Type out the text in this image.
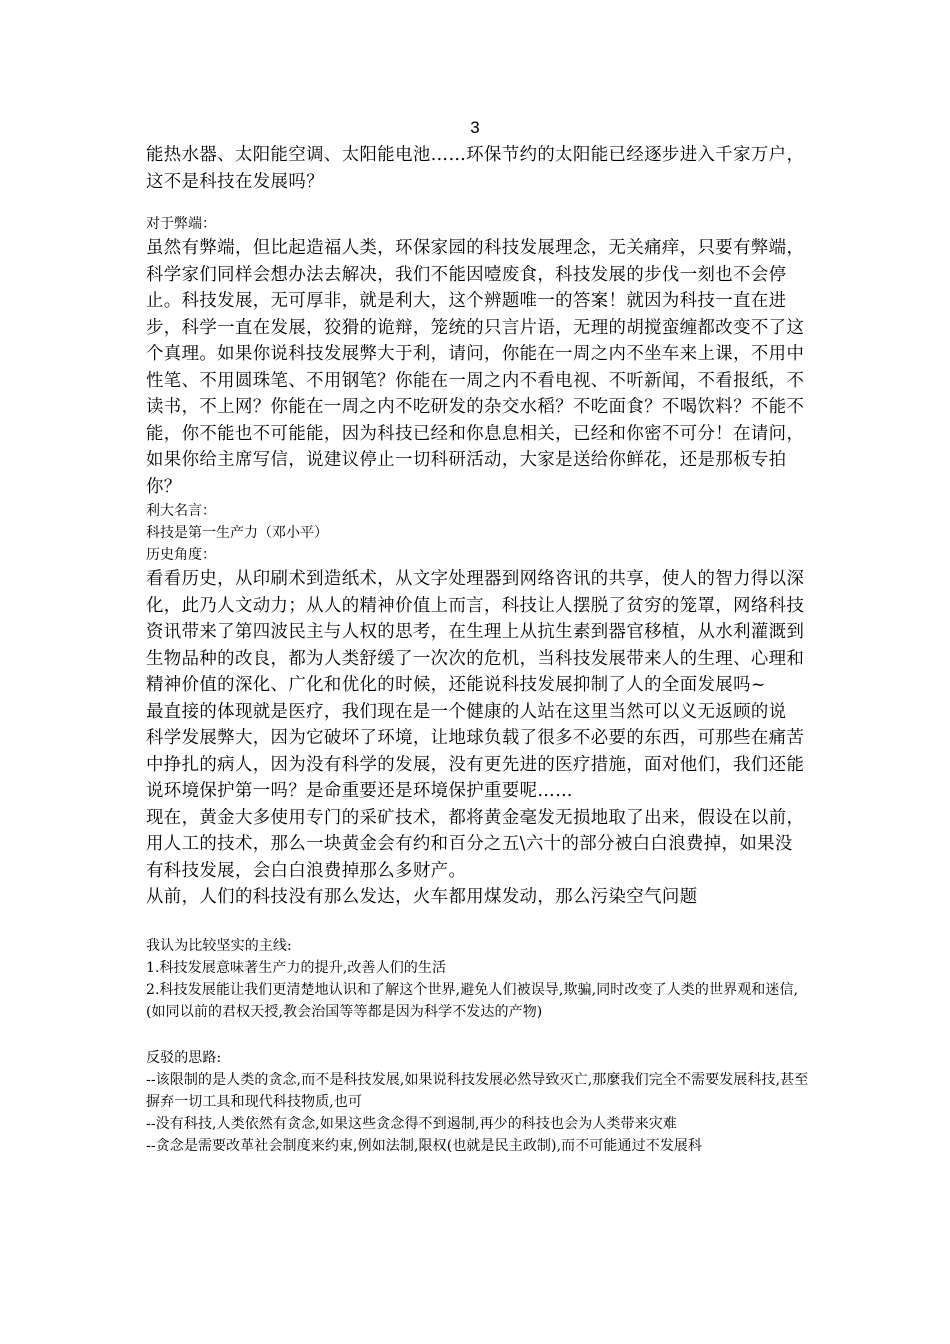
3

能热水器、太阳能空调、太阳能电池……环保节约的太阳能已经逐步进入千家万户，这不是科技在发展吗？

对于弊端：

虽然有弊端，但比起造福人类，环保家园的科技发展理念，无关痛痒，只要有弊端，科学家们同样会想办法去解决，我们不能因噎废食，科技发展的步伐一刻也不会停止。科技发展，无可厚非，就是利大，这个辨题唯一的答案！就因为科技一直在进步，科学一直在发展，狡猾的诡辩，笼统的只言片语，无理的胡搅蛮缠都改变不了这个真理。如果你说科技发展弊大于利，请问，你能在一周之内不坐车来上课，不用中性笔、不用圆珠笔、不用钢笔？你能在一周之内不看电视、不听新闻，不看报纸，不读书，不上网？你能在一周之内不吃研发的杂交水稻？不吃面食？不喝饮料？不能不能，你不能也不可能能，因为科技已经和你息息相关，已经和你密不可分！在请问，如果你给主席写信，说建议停止一切科研活动，大家是送给你鲜花，还是那板专拍你？

利大名言：

科技是第一生产力（邓小平）

历史角度：

看看历史，从印刷术到造纸术，从文字处理器到网络咨讯的共享，使人的智力得以深化，此乃人文动力；从人的精神价值上而言，科技让人摆脱了贫穷的笼罩，网络科技资讯带来了第四波民主与人权的思考，在生理上从抗生素到器官移植，从水利灌溉到生物品种的改良，都为人类舒缓了一次次的危机，当科技发展带来人的生理、心理和精神价值的深化、广化和优化的时候，还能说科技发展抑制了人的全面发展吗~

最直接的体现就是医疗，我们现在是一个健康的人站在这里当然可以义无返顾的说 科学发展弊大，因为它破坏了环境，让地球负载了很多不必要的东西，可那些在痛苦中挣扎的病人，因为没有科学的发展，没有更先进的医疗措施，面对他们，我们还能说环境保护第一吗？是命重要还是环境保护重要呢……

现在，黄金大多使用专门的采矿技术，都将黄金毫发无损地取了出来，假设在以前，用人工的技术，那么一块黄金会有约和百分之五\六十的部分被白白浪费掉，如果没有科技发展，会白白浪费掉那么多财产。

从前，人们的科技没有那么发达，火车都用煤发动，那么污染空气问题

我认为比较坚实的主线:

1.科技发展意味著生产力的提升,改善人们的生活

2.科技发展能让我们更清楚地认识和了解这个世界,避免人们被误导,欺骗,同时改变了人类的世界观和迷信,(如同以前的君权天授,教会治国等等都是因为科学不发达的产物)

反驳的思路:

--该限制的是人类的贪念,而不是科技发展,如果说科技发展必然导致灭亡,那麼我们完全不需要发展科技,甚至摒弃一切工具和现代科技物质,也可

--没有科技,人类依然有贪念,如果这些贪念得不到遏制,再少的科技也会为人类带来灾难

--贪念是需要改革社会制度来约束,例如法制,限权(也就是民主政制),而不可能通过不发展科
